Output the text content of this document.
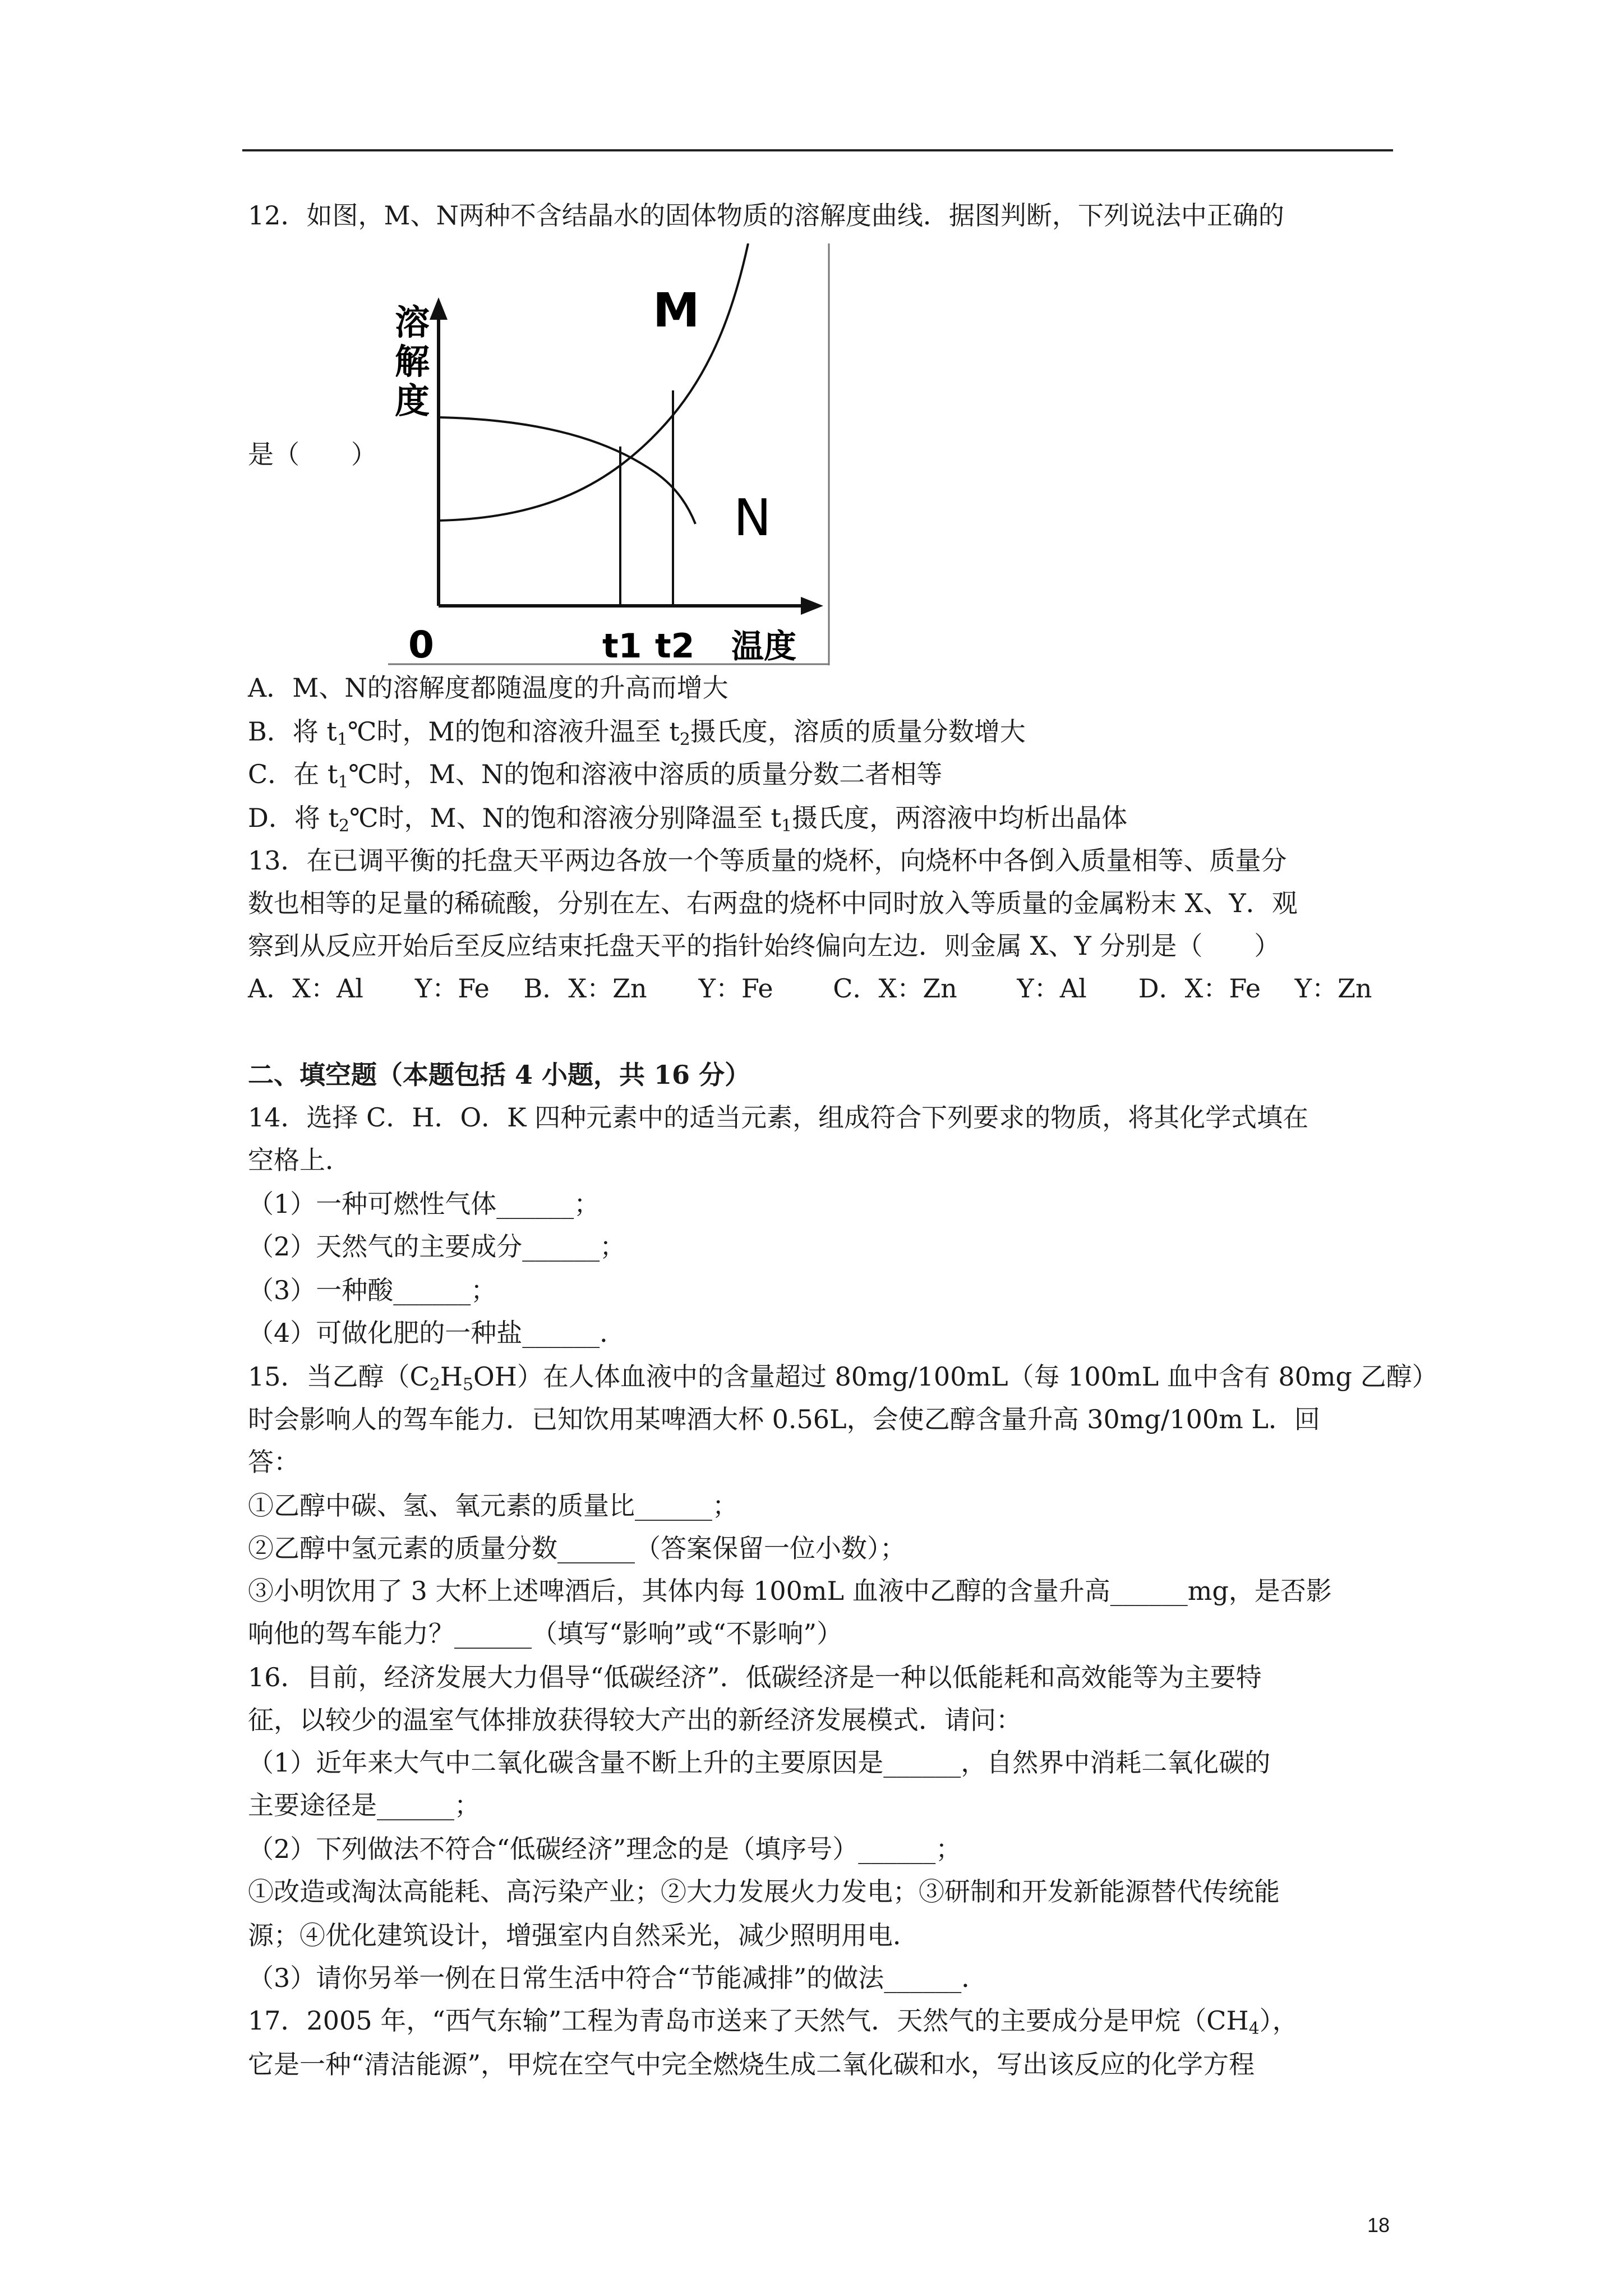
12．如图，M、N两种不含结晶水的固体物质的溶解度曲线．据图判断，下列说法中正确的
溶
解
度
M
N
0	t1 t2 温度
是（　　）
A．M、N的溶解度都随温度的升高而增大
B．将 $t_1℃$时，M的饱和溶液升温至 $t_2$摄氏度，溶质的质量分数增大
C．在 $t_1℃$时，M、N的饱和溶液中溶质的质量分数二者相等
D．将 $t_2℃$时，M、N的饱和溶液分别降温至 $t_1$摄氏度，两溶液中均析出晶体
13．在已调平衡的托盘天平两边各放一个等质量的烧杯，向烧杯中各倒入质量相等、质量分
数也相等的足量的稀硫酸，分别在左、右两盘的烧杯中同时放入等质量的金属粉末 X、Y．观
察到从反应开始后至反应结束托盘天平的指针始终偏向左边．则金属 X、Y 分别是（　　）
A．X：Al　　Y：Fe　 B．X：Zn　　Y：Fe　　 C．X：Zn　　 Y：Al　　D．X：Fe　 Y：Zn
二、填空题（本题包括 4 小题，共 16 分）
14．选择 C．H．O．K 四种元素中的适当元素，组成符合下列要求的物质，将其化学式填在
空格上．
（1）一种可燃性气体______；
（2）天然气的主要成分______；
（3）一种酸______；
（4）可做化肥的一种盐______．
15．当乙醇$(C_2H_5OH)$在人体血液中的含量超过 80mg/100mL（每 100mL 血中含有 80mg 乙醇）
时会影响人的驾车能力．已知饮用某啤酒大杯 0.56L，会使乙醇含量升高 30mg/100m L．回
答：
①乙醇中碳、氢、氧元素的质量比______；
②乙醇中氢元素的质量分数______（答案保留一位小数）；
③小明饮用了 3 大杯上述啤酒后，其体内每 100mL 血液中乙醇的含量升高______mg，是否影
响他的驾车能力？______（填写“影响”或“不影响”）
16．目前，经济发展大力倡导“低碳经济”．低碳经济是一种以低能耗和高效能等为主要特
征，以较少的温室气体排放获得较大产出的新经济发展模式．请问：
（1）近年来大气中二氧化碳含量不断上升的主要原因是______，自然界中消耗二氧化碳的
主要途径是______；
（2）下列做法不符合“低碳经济”理念的是（填序号）______；
①改造或淘汰高能耗、高污染产业；②大力发展火力发电；③研制和开发新能源替代传统能
源；④优化建筑设计，增强室内自然采光，减少照明用电．
（3）请你另举一例在日常生活中符合“节能减排”的做法______．
17．2005 年，“西气东输”工程为青岛市送来了天然气．天然气的主要成分是甲烷$(CH_4)$，
它是一种“清洁能源”，甲烷在空气中完全燃烧生成二氧化碳和水，写出该反应的化学方程
18
